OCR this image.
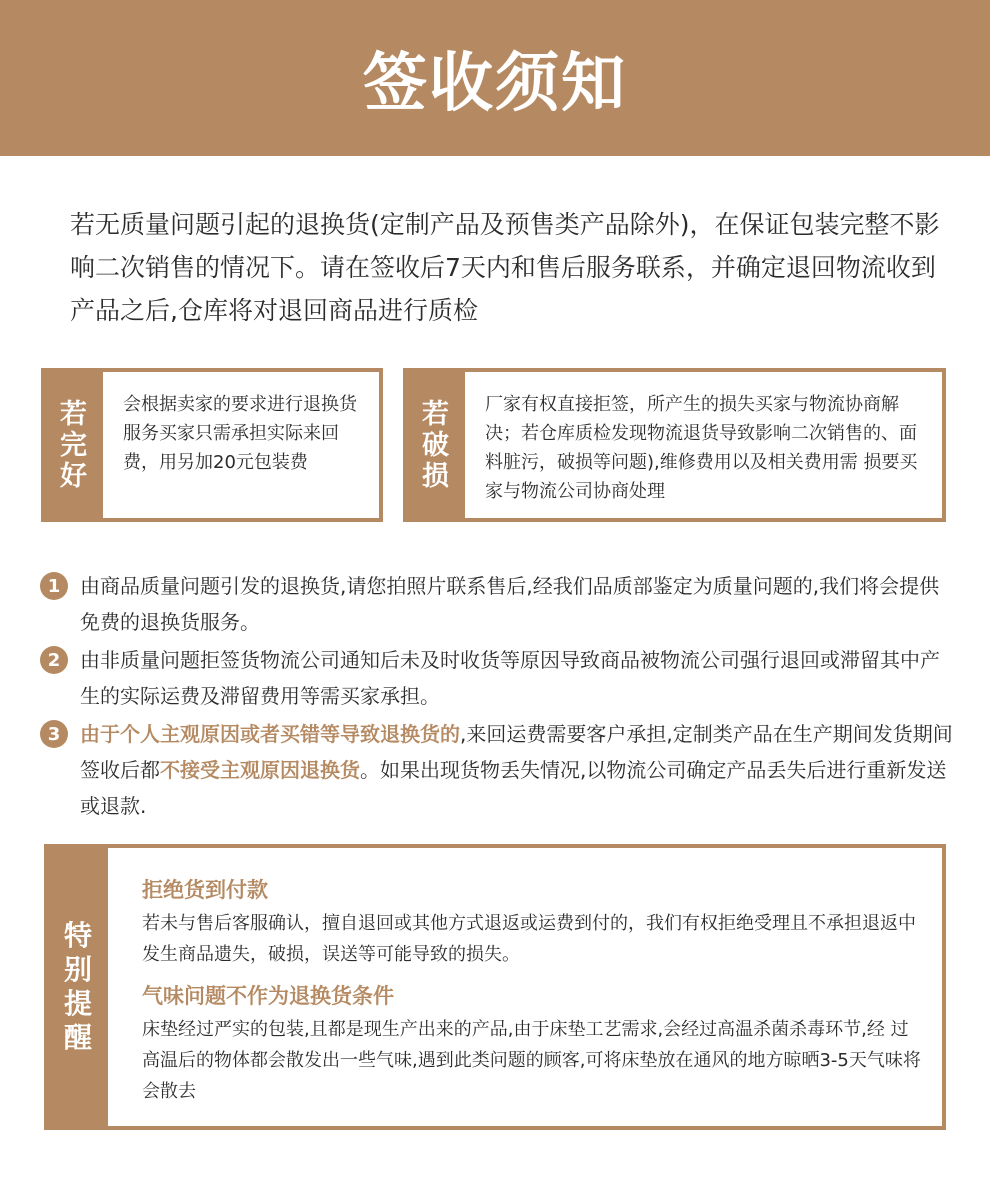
签收须知
若无质量问题引起的退换货(定制产品及预售类产品除外)，在保证包装完整不影响二次销售的情况下。请在签收后7天内和售后服务联系，并确定退回物流收到产品之后,仓库将对退回商品进行质检
若完好
会根据卖家的要求进行退换货服务买家只需承担实际来回费，用另加20元包装费
若破损
厂家有权直接拒签，所产生的损失买家与物流协商解决；若仓库质检发现物流退货导致影响二次销售的、面料脏污，破损等问题),维修费用以及相关费用需 损要买家与物流公司协商处理
1 由商品质量问题引发的退换货,请您拍照片联系售后,经我们品质部鉴定为质量问题的,我们将会提供免费的退换货服务。
2 由非质量问题拒签货物流公司通知后未及时收货等原因导致商品被物流公司强行退回或滞留其中产生的实际运费及滞留费用等需买家承担。
3 由于个人主观原因或者买错等导致退换货的,来回运费需要客户承担,定制类产品在生产期间发货期间签收后都不接受主观原因退换货。如果出现货物丢失情况,以物流公司确定产品丢失后进行重新发送或退款.
特别提醒
拒绝货到付款

若未与售后客服确认，擅自退回或其他方式退返或运费到付的，我们有权拒绝受理且不承担退返中发生商品遗失，破损，误送等可能导致的损失。

气味问题不作为退换货条件

床垫经过严实的包装,且都是现生产出来的产品,由于床垫工艺需求,会经过高温杀菌杀毒环节,经 过高温后的物体都会散发出一些气味,遇到此类问题的顾客,可将床垫放在通风的地方晾晒3-5天气味将会散去
